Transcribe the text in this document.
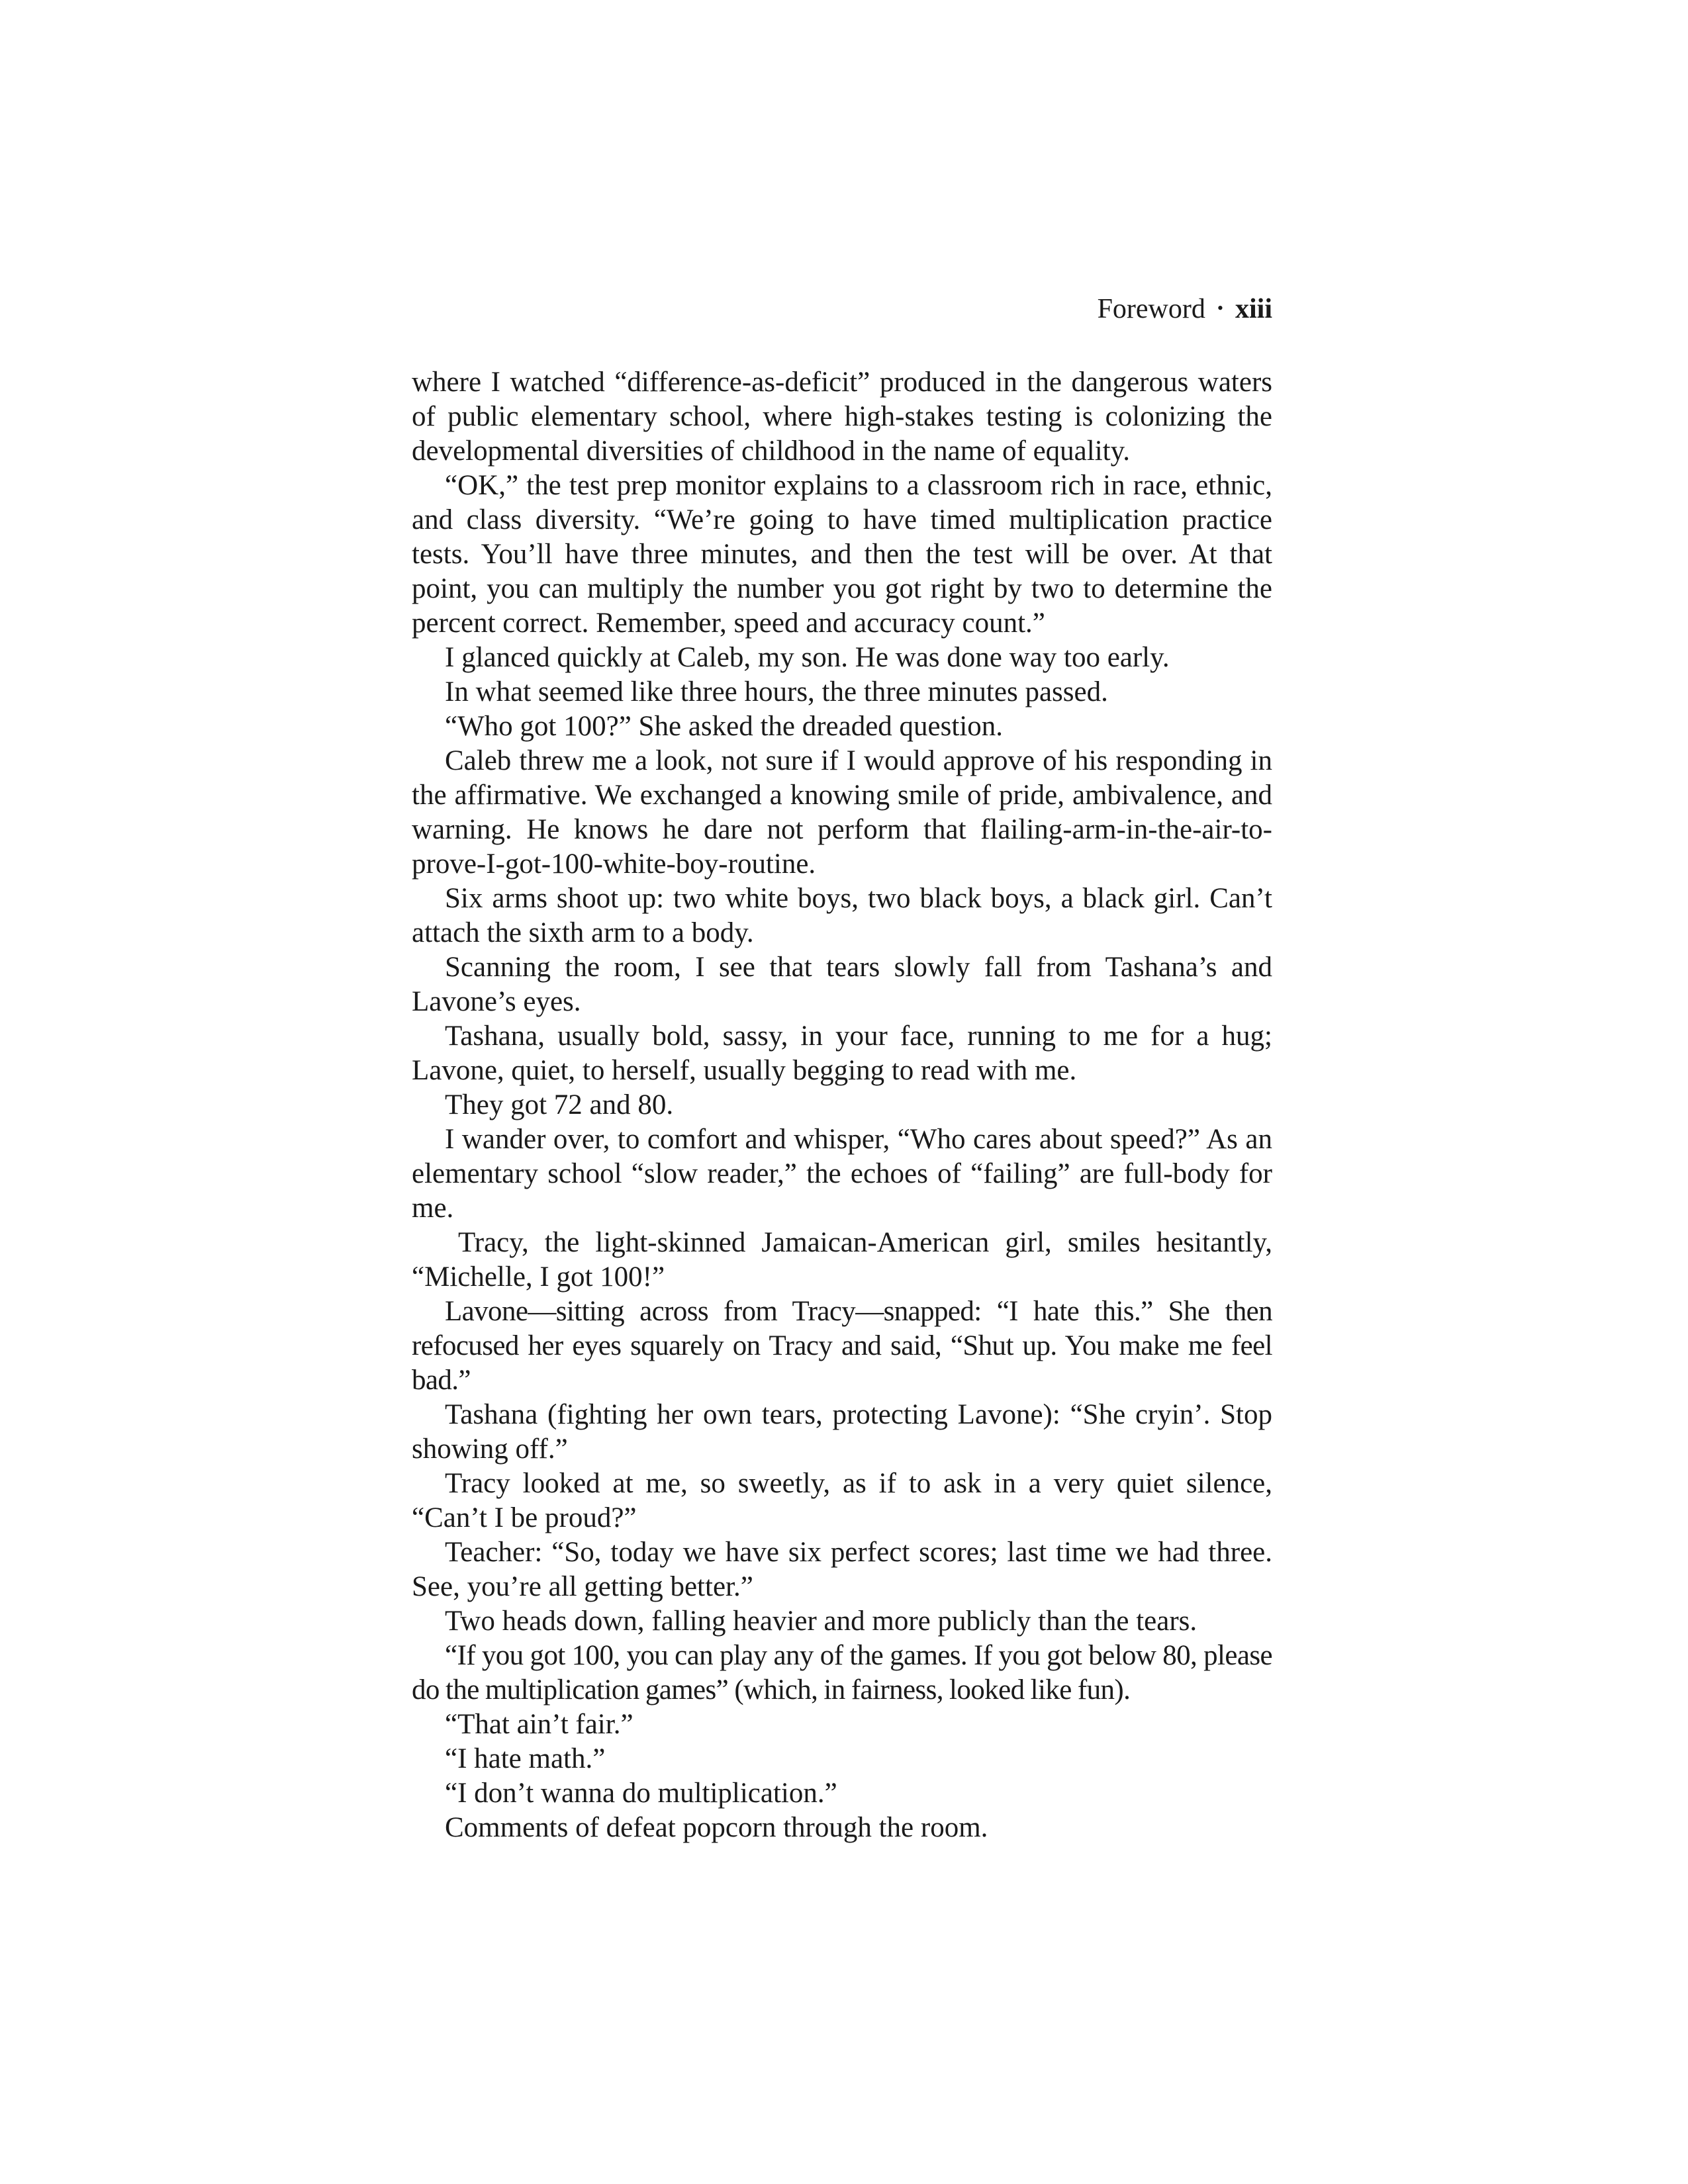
Foreword • xiii

where I watched “difference-as-deficit” produced in the dangerous waters of public elementary school, where high-stakes testing is colonizing the developmental diversities of childhood in the name of equality.

“OK,” the test prep monitor explains to a classroom rich in race, ethnic, and class diversity. “We’re going to have timed multiplication practice tests. You’ll have three minutes, and then the test will be over. At that point, you can multiply the number you got right by two to determine the percent correct. Remember, speed and accuracy count.”

I glanced quickly at Caleb, my son. He was done way too early.

In what seemed like three hours, the three minutes passed.

“Who got 100?” She asked the dreaded question.

Caleb threw me a look, not sure if I would approve of his responding in the affirmative. We exchanged a knowing smile of pride, ambivalence, and warning. He knows he dare not perform that flailing-arm-in-the-air-to-prove-I-got-100-white-boy-routine.

Six arms shoot up: two white boys, two black boys, a black girl. Can’t attach the sixth arm to a body.

Scanning the room, I see that tears slowly fall from Tashana’s and Lavone’s eyes.

Tashana, usually bold, sassy, in your face, running to me for a hug; Lavone, quiet, to herself, usually begging to read with me.

They got 72 and 80.

I wander over, to comfort and whisper, “Who cares about speed?” As an elementary school “slow reader,” the echoes of “failing” are full-body for me.

Tracy, the light-skinned Jamaican-American girl, smiles hesitantly, “Michelle, I got 100!”

Lavone—sitting across from Tracy—snapped: “I hate this.” She then refocused her eyes squarely on Tracy and said, “Shut up. You make me feel bad.”

Tashana (fighting her own tears, protecting Lavone): “She cryin’. Stop showing off.”

Tracy looked at me, so sweetly, as if to ask in a very quiet silence, “Can’t I be proud?”

Teacher: “So, today we have six perfect scores; last time we had three. See, you’re all getting better.”

Two heads down, falling heavier and more publicly than the tears.

“If you got 100, you can play any of the games. If you got below 80, please do the multiplication games” (which, in fairness, looked like fun).

“That ain’t fair.”

“I hate math.”

“I don’t wanna do multiplication.”

Comments of defeat popcorn through the room.
